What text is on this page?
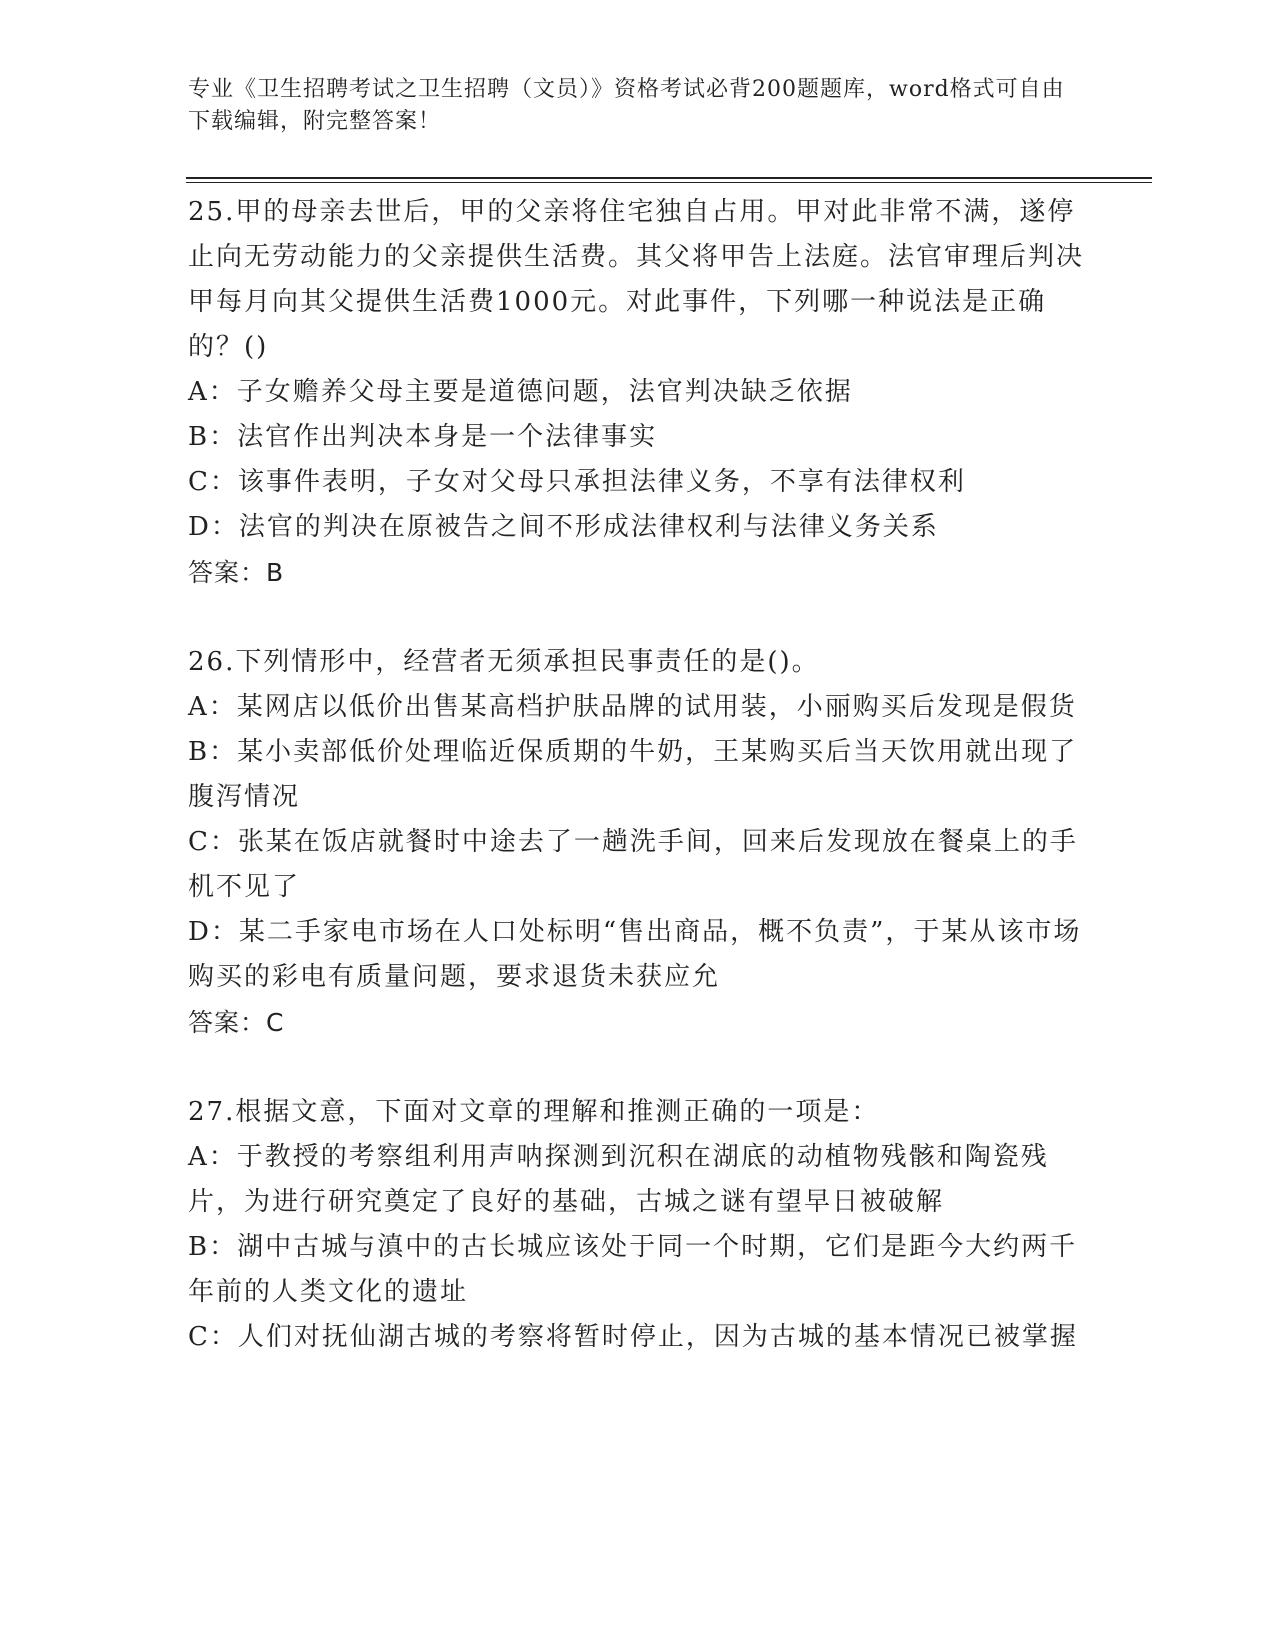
专业《卫生招聘考试之卫生招聘（文员）》资格考试必背200题题库，word格式可自由下载编辑，附完整答案！

25.甲的母亲去世后，甲的父亲将住宅独自占用。甲对此非常不满，遂停止向无劳动能力的父亲提供生活费。其父将甲告上法庭。法官审理后判决甲每月向其父提供生活费1000元。对此事件，下列哪一种说法是正确的？()

A：子女赡养父母主要是道德问题，法官判决缺乏依据

B：法官作出判决本身是一个法律事实

C：该事件表明，子女对父母只承担法律义务，不享有法律权利

D：法官的判决在原被告之间不形成法律权利与法律义务关系

答案：B

26.下列情形中，经营者无须承担民事责任的是()。

A：某网店以低价出售某高档护肤品牌的试用装，小丽购买后发现是假货

B：某小卖部低价处理临近保质期的牛奶，王某购买后当天饮用就出现了腹泻情况

C：张某在饭店就餐时中途去了一趟洗手间，回来后发现放在餐桌上的手机不见了

D：某二手家电市场在人口处标明“售出商品，概不负责”，于某从该市场购买的彩电有质量问题，要求退货未获应允

答案：C

27.根据文意，下面对文章的理解和推测正确的一项是：

A：于教授的考察组利用声呐探测到沉积在湖底的动植物残骸和陶瓷残片，为进行研究奠定了良好的基础，古城之谜有望早日被破解

B：湖中古城与滇中的古长城应该处于同一个时期，它们是距今大约两千年前的人类文化的遗址

C：人们对抚仙湖古城的考察将暂时停止，因为古城的基本情况已被掌握
